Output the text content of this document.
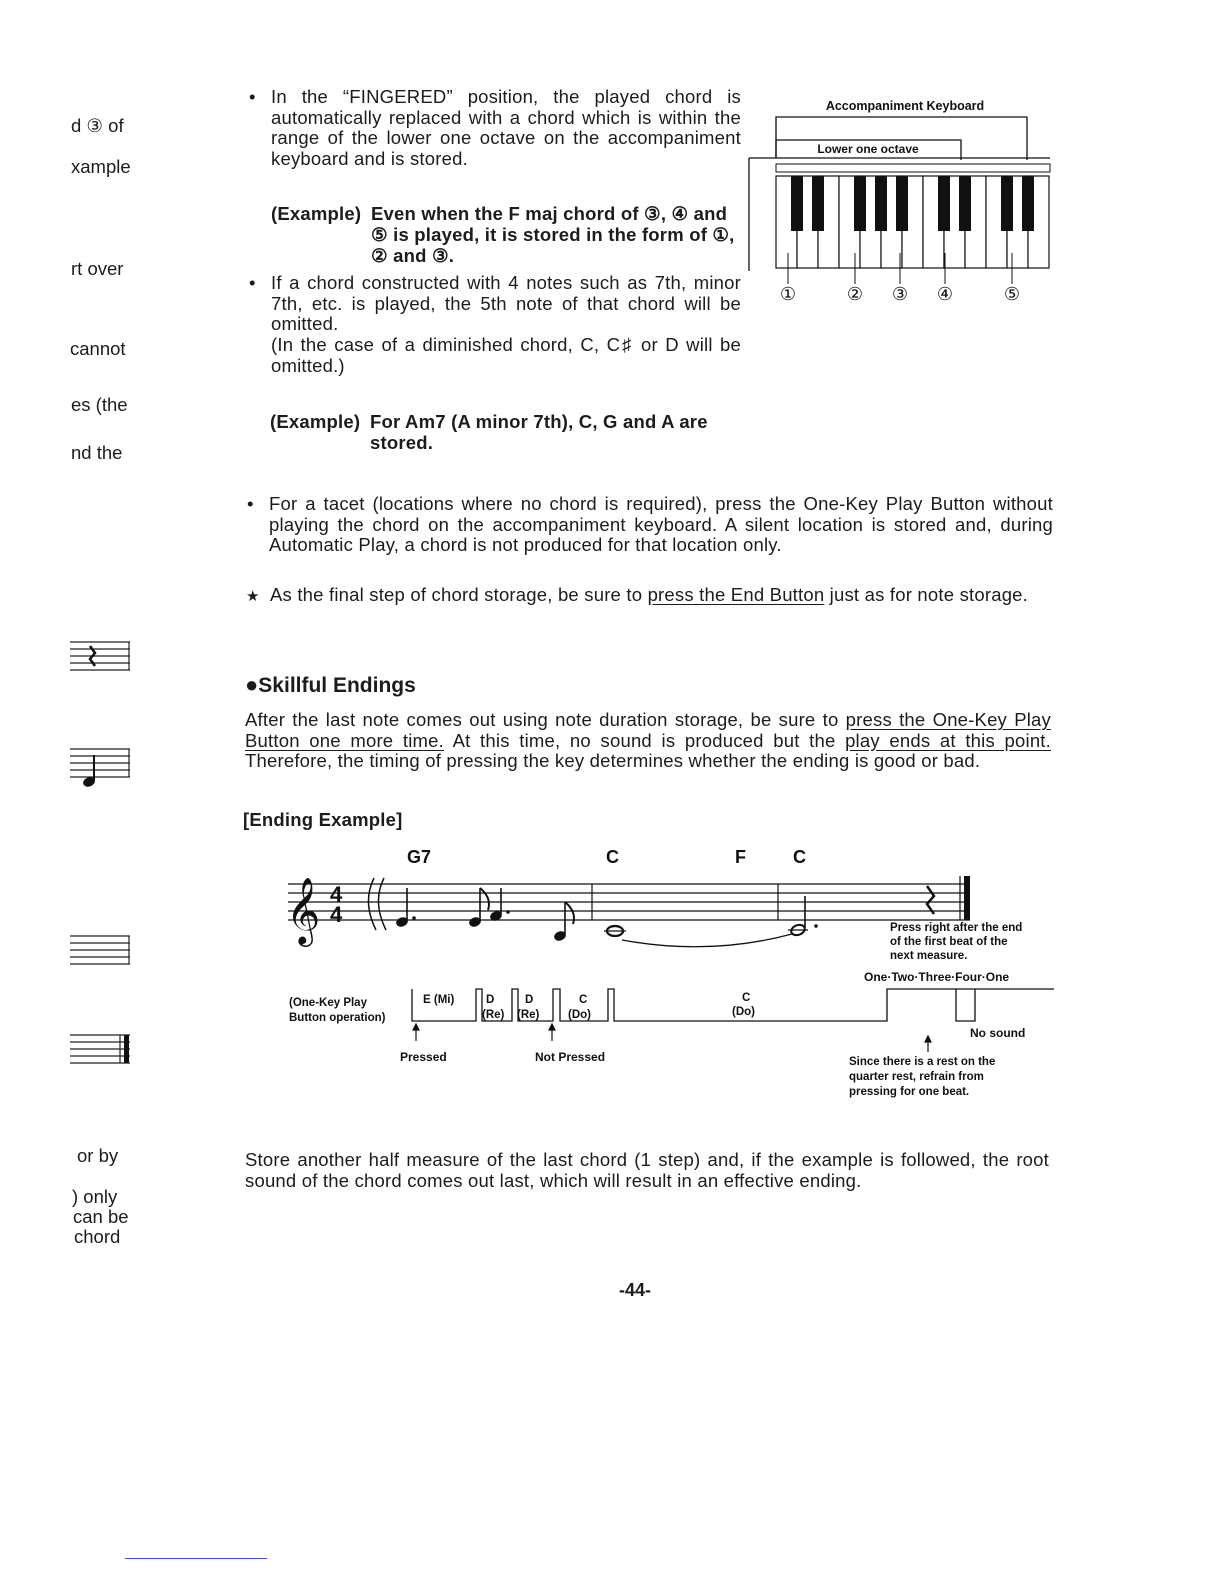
d ③ of
xample
rt over
cannot
es (the
nd the
or by
) only
can be
chord
• In the “FINGERED” position, the played chord is automatically replaced with a chord which is within the range of the lower one octave on the accompaniment keyboard and is stored.
(Example) Even when the F maj chord of ③, ④ and
⑤ is played, it is stored in the form of ①,
② and ③.
• If a chord constructed with 4 notes such as 7th, minor 7th, etc. is played, the 5th note of that chord will be omitted.
(In the case of a diminished chord, C, C♯ or D will be omitted.)
(Example) For Am7 (A minor 7th), C, G and A are
stored.
Accompaniment Keyboard
Lower one octave
①	② ③ ④	⑤
• For a tacet (locations where no chord is required), press the One-Key Play Button without playing the chord on the accompaniment keyboard. A silent location is stored and, during Automatic Play, a chord is not produced for that location only.
★ As the final step of chord storage, be sure to press the End Button just as for note storage.
●Skillful Endings
After the last note comes out using note duration storage, be sure to press the One-Key Play Button one more time. At this time, no sound is produced but the play ends at this point. Therefore, the timing of pressing the key determines whether the ending is good or bad.
[Ending Example]
G7	C	F	C
𝄞 4
4
Press right after the end
of the first beat of the
next measure.
One·Two·Three·Four·One
(One-Key Play
Button operation)
E (Mi)	D
(Re)
D
(Re)
C
(Do)
C
(Do)
Pressed	Not Pressed
No sound
Since there is a rest on the
quarter rest, refrain from
pressing for one beat.
Store another half measure of the last chord (1 step) and, if the example is followed, the root sound of the chord comes out last, which will result in an effective ending.
-44-
